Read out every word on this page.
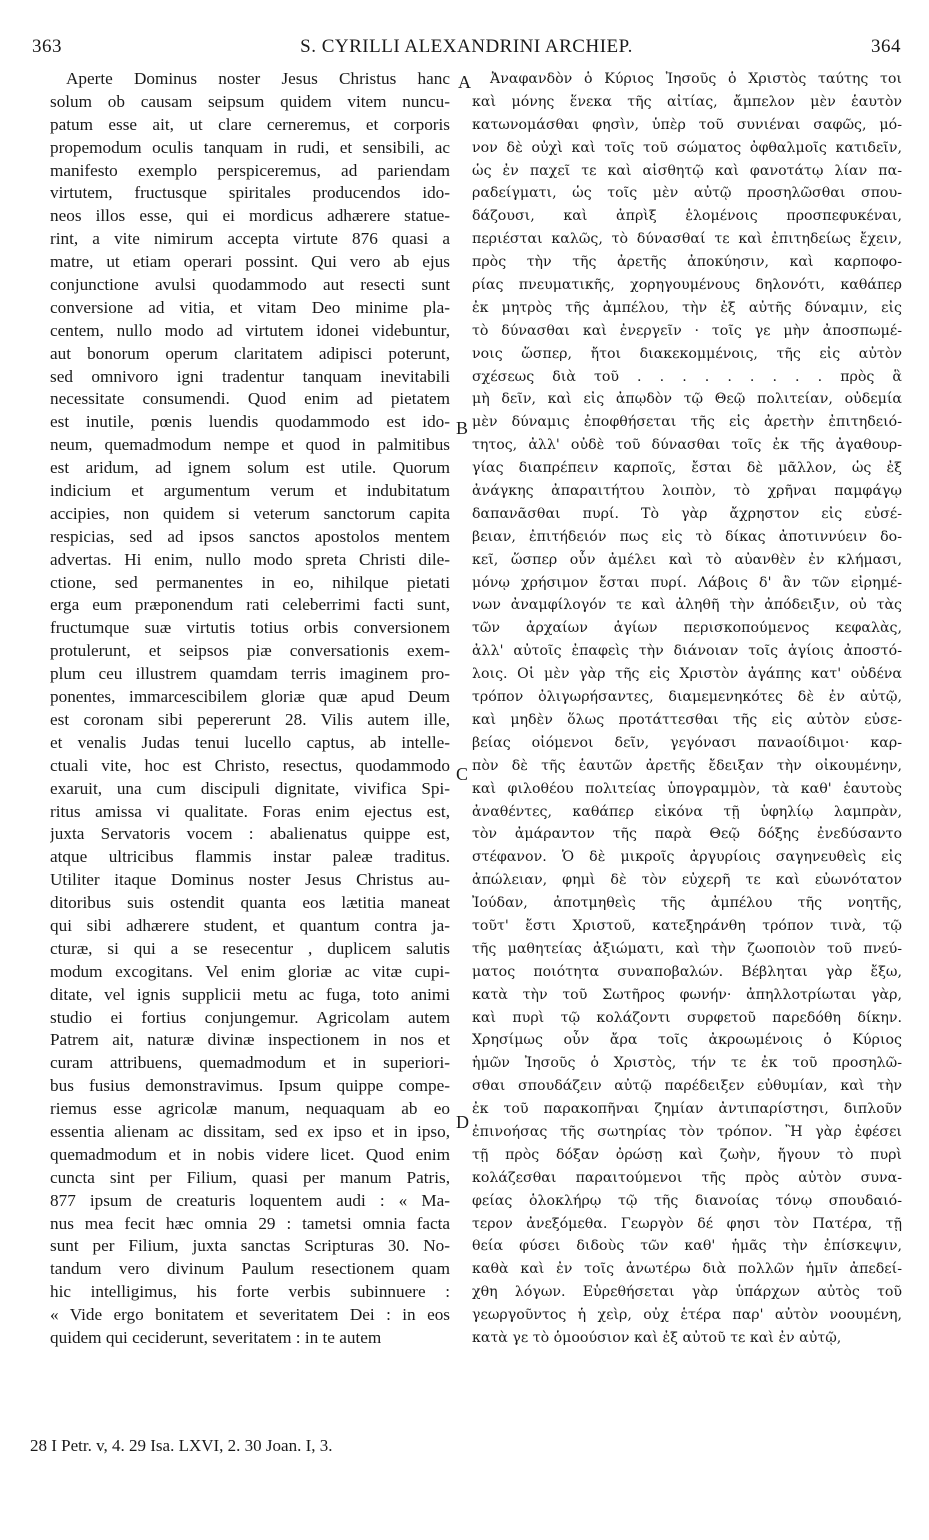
363	S. CYRILLI ALEXANDRINI ARCHIEP.	364
Aperte Dominus noster Jesus Christus hanc
solum ob causam seipsum quidem vitem nuncu-
patum esse ait, ut clare cerneremus, et corporis
propemodum oculis tanquam in rudi, et sensibili, ac
manifesto exemplo perspiceremus, ad pariendam
virtutem, fructusque spiritales producendos ido-
neos illos esse, qui ei mordicus adhærere statue-
rint, a vite nimirum accepta virtute 876 quasi a
matre, ut etiam operari possint. Qui vero ab ejus
conjunctione avulsi quodammodo aut resecti sunt
conversione ad vitia, et vitam Deo minime pla-
centem, nullo modo ad virtutem idonei videbuntur,
aut bonorum operum claritatem adipisci poterunt,
sed omnivoro igni tradentur tanquam inevitabili
necessitate consumendi. Quod enim ad pietatem
est inutile, pœnis luendis quodammodo est ido-
neum, quemadmodum nempe et quod in palmitibus
est aridum, ad ignem solum est utile. Quorum
indicium et argumentum verum et indubitatum
accipies, non quidem si veterum sanctorum capita
respicias, sed ad ipsos sanctos apostolos mentem
advertas. Hi enim, nullo modo spreta Christi dile-
ctione, sed permanentes in eo, nihilque pietati
erga eum præponendum rati celeberrimi facti sunt,
fructumque suæ virtutis totius orbis conversionem
protulerunt, et seipsos piæ conversationis exem-
plum ceu illustrem quamdam terris imaginem pro-
ponentes, immarcescibilem gloriæ quæ apud Deum
est coronam sibi pepererunt 28. Vilis autem ille,
et venalis Judas tenui lucello captus, ab intelle-
ctuali vite, hoc est Christo, resectus, quodammodo
exaruit, una cum discipuli dignitate, vivifica Spi-
ritus amissa vi qualitate. Foras enim ejectus est,
juxta Servatoris vocem : abalienatus quippe est,
atque ultricibus flammis instar paleæ traditus.
Utiliter itaque Dominus noster Jesus Christus au-
ditoribus suis ostendit quanta eos lætitia maneat
qui sibi adhærere student, et quantum contra ja-
cturæ, si qui a se resecentur , duplicem salutis
modum excogitans. Vel enim gloriæ ac vitæ cupi-
ditate, vel ignis supplicii metu ac fuga, toto animi
studio ei fortius conjungemur. Agricolam autem
Patrem ait, naturæ divinæ inspectionem in nos et
curam attribuens, quemadmodum et in superiori-
bus fusius demonstravimus. Ipsum quippe compe-
riemus esse agricolæ manum, nequaquam ab eo
essentia alienam ac dissitam, sed ex ipso et in ipso,
quemadmodum et in nobis videre licet. Quod enim
cuncta sint per Filium, quasi per manum Patris,
877 ipsum de creaturis loquentem audi : « Ma-
nus mea fecit hæc omnia 29 : tametsi omnia facta
sunt per Filium, juxta sanctas Scripturas 30. No-
tandum vero divinum Paulum resectionem quam
hic intelligimus, his forte verbis subinnuere :
« Vide ergo bonitatem et severitatem Dei : in eos
quidem qui ceciderunt, severitatem : in te autem
Ἀναφανδὸν ὁ Κύριος Ἰησοῦς ὁ Χριστὸς ταύτης τοι
καὶ μόνης ἕνεκα τῆς αἰτίας, ἄμπελον μὲν ἑαυτὸν
κατωνομάσθαι φησὶν, ὑπὲρ τοῦ συνιέναι σαφῶς, μό-
νον δὲ οὐχὶ καὶ τοῖς τοῦ σώματος ὀφθαλμοῖς κατιδεῖν,
ὡς ἐν παχεῖ τε καὶ αἰσθητῷ καὶ φανοτάτῳ λίαν πα-
ραδείγματι, ὡς τοῖς μὲν αὐτῷ προσηλῶσθαι σπου-
δάζουσι, καὶ ἀπρὶξ ἑλομένοις προσπεφυκέναι,
περιέσται καλῶς, τὸ δύνασθαί τε καὶ ἐπιτηδείως ἔχειν,
πρὸς τὴν τῆς ἀρετῆς ἀποκύησιν, καὶ καρποφο-
ρίας πνευματικῆς, χορηγουμένους δηλονότι, καθάπερ
ἐκ μητρὸς τῆς ἀμπέλου, τὴν ἐξ αὐτῆς δύναμιν, εἰς
τὸ δύνασθαι καὶ ἐνεργεῖν · τοῖς γε μὴν ἀποσπωμέ-
νοις ὥσπερ, ἤτοι διακεκομμένοις, τῆς εἰς αὐτὸν
σχέσεως διὰ τοῦ . . . . . . . . . πρὸς ἃ
μὴ δεῖν, καὶ εἰς ἀπῳδὸν τῷ Θεῷ πολιτείαν, οὐδεμία
μὲν δύναμις ἐποφθήσεται τῆς εἰς ἀρετὴν ἐπιτηδειό-
τητος, ἀλλ' οὐδὲ τοῦ δύνασθαι τοῖς ἐκ τῆς ἀγαθουρ-
γίας διαπρέπειν καρποῖς, ἔσται δὲ μᾶλλον, ὡς ἐξ
ἀνάγκης ἀπαραιτήτου λοιπὸν, τὸ χρῆναι παμφάγῳ
δαπανᾶσθαι πυρί. Τὸ γὰρ ἄχρηστον εἰς εὐσέ-
βειαν, ἐπιτήδειόν πως εἰς τὸ δίκας ἀποτιννύειν δο-
κεῖ, ὥσπερ οὖν ἀμέλει καὶ τὸ αὐανθὲν ἐν κλήμασι,
μόνῳ χρήσιμον ἔσται πυρί. Λάβοις δ' ἂν τῶν εἰρημέ-
νων ἀναμφίλογόν τε καὶ ἀληθῆ τὴν ἀπόδειξιν, οὐ τὰς
τῶν ἀρχαίων ἁγίων περισκοπούμενος κεφαλὰς,
ἀλλ' αὐτοῖς ἐπαφεὶς τὴν διάνοιαν τοῖς ἁγίοις ἀποστό-
λοις. Οἱ μὲν γὰρ τῆς εἰς Χριστὸν ἀγάπης κατ' οὐδένα
τρόπον ὀλιγωρήσαντες, διαμεμενηκότες δὲ ἐν αὐτῷ,
καὶ μηδὲν ὅλως προτάττεσθαι τῆς εἰς αὐτὸν εὐσε-
βείας οἰόμενοι δεῖν, γεγόνασι πανaοίδιμοι· καρ-
πὸν δὲ τῆς ἑαυτῶν ἀρετῆς ἔδειξαν τὴν οἰκουμένην,
καὶ φιλοθέου πολιτείας ὑπογραμμὸν, τὰ καθ' ἑαυτοὺς
ἀναθέντες, καθάπερ εἰκόνα τῇ ὑφηλίῳ λαμπρὰν,
τὸν ἀμάραντον τῆς παρὰ Θεῷ δόξης ἐνεδύσαντο
στέφανον. Ὁ δὲ μικροῖς ἀργυρίοις σαγηνευθεὶς εἰς
ἀπώλειαν, φημὶ δὲ τὸν εὐχερῆ τε καὶ εὐωνότατον
Ἰούδαν, ἀποτμηθεὶς τῆς ἀμπέλου τῆς νοητῆς,
τοῦτ' ἔστι Χριστοῦ, κατεξηράνθη τρόπον τινὰ, τῷ
τῆς μαθητείας ἀξιώματι, καὶ τὴν ζωοποιὸν τοῦ πνεύ-
ματος ποιότητα συναποβαλών. Βέβληται γὰρ ἔξω,
κατὰ τὴν τοῦ Σωτῆρος φωνήν· ἀπηλλοτρίωται γὰρ,
καὶ πυρὶ τῷ κολάζοντι συρφετοῦ παρεδόθη δίκην.
Χρησίμως οὖν ἄρα τοῖς ἀκροωμένοις ὁ Κύριος
ἡμῶν Ἰησοῦς ὁ Χριστὸς, τήν τε ἐκ τοῦ προσηλῶ-
σθαι σπουδάζειν αὐτῷ παρέδειξεν εὐθυμίαν, καὶ τὴν
ἐκ τοῦ παρακοπῆναι ζημίαν ἀντιπαρίστησι, διπλοῦν
ἐπινοήσας τῆς σωτηρίας τὸν τρόπον. Ἢ γὰρ ἐφέσει
τῇ πρὸς δόξαν ὀρώσῃ καὶ ζωὴν, ἤγουν τὸ πυρὶ
κολάζεσθαι παραιτούμενοι τῆς πρὸς αὐτὸν συνα-
φείας ὁλοκλήρῳ τῷ τῆς διανοίας τόνῳ σπουδαιό-
τερον ἀνεξόμεθα. Γεωργὸν δέ φησι τὸν Πατέρα, τῇ
θεία φύσει διδοὺς τῶν καθ' ἡμᾶς τὴν ἐπίσκεψιν,
καθὰ καὶ ἐν τοῖς ἀνωτέρω διὰ πολλῶν ἡμῖν ἀπεδεί-
χθη λόγων. Εὑρεθήσεται γὰρ ὑπάρχων αὐτὸς τοῦ
γεωργοῦντος ἡ χεὶρ, οὐχ ἑτέρα παρ' αὐτὸν νοουμένη,
κατὰ γε τὸ ὁμοούσιον καὶ ἐξ αὐτοῦ τε καὶ ἐν αὐτῷ,
A
B
C
D
28 I Petr. v, 4. 29 Isa. LXVI, 2. 30 Joan. I, 3.
